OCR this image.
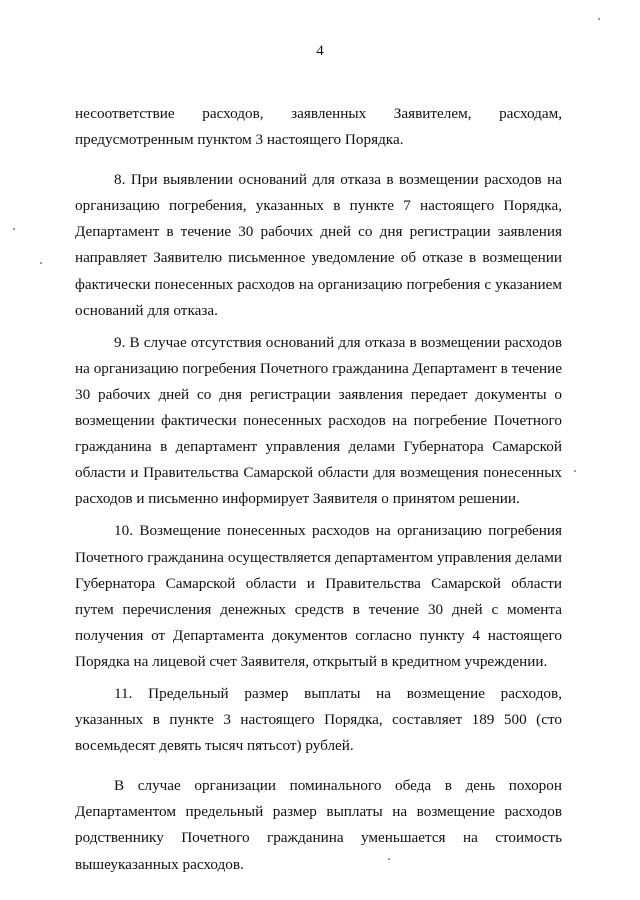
4

несоответствие расходов, заявленных Заявителем, расходам, предусмотренным пунктом 3 настоящего Порядка.

8. При выявлении оснований для отказа в возмещении расходов на организацию погребения, указанных в пункте 7 настоящего Порядка, Департамент в течение 30 рабочих дней со дня регистрации заявления направляет Заявителю письменное уведомление об отказе в возмещении фактически понесенных расходов на организацию погребения с указанием оснований для отказа.

9. В случае отсутствия оснований для отказа в возмещении расходов на организацию погребения Почетного гражданина Департамент в течение 30 рабочих дней со дня регистрации заявления передает документы о возмещении фактически понесенных расходов на погребение Почетного гражданина в департамент управления делами Губернатора Самарской области и Правительства Самарской области для возмещения понесенных расходов и письменно информирует Заявителя о принятом решении.

10. Возмещение понесенных расходов на организацию погребения Почетного гражданина осуществляется департаментом управления делами Губернатора Самарской области и Правительства Самарской области путем перечисления денежных средств в течение 30 дней с момента получения от Департамента документов согласно пункту 4 настоящего Порядка на лицевой счет Заявителя, открытый в кредитном учреждении.

11. Предельный размер выплаты на возмещение расходов, указанных в пункте 3 настоящего Порядка, составляет 189 500 (сто восемьдесят девять тысяч пятьсот) рублей.

В случае организации поминального обеда в день похорон Департаментом предельный размер выплаты на возмещение расходов родственнику Почетного гражданина уменьшается на стоимость вышеуказанных расходов.
